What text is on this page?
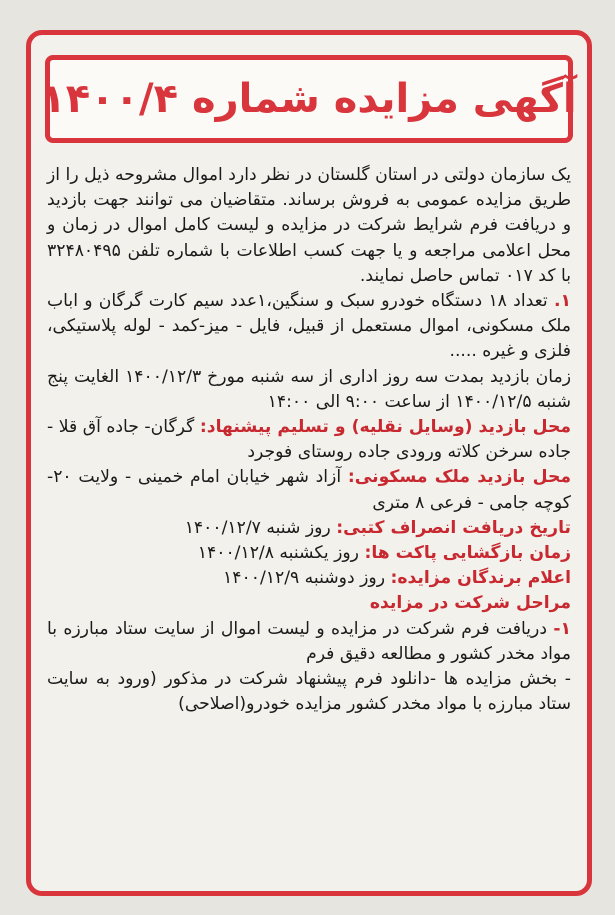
آگهی مزایده شماره ۱۴۰۰/۴

یک سازمان دولتی در استان گلستان در نظر دارد اموال مشروحه ذیل را از طریق مزایده عمومی به فروش برساند. متقاضیان می توانند جهت بازدید و دریافت فرم شرایط شرکت در مزایده و لیست کامل اموال در زمان و محل اعلامی مراجعه و یا جهت کسب اطلاعات با شماره تلفن ۳۲۴۸۰۴۹۵ با کد ۰۱۷ تماس حاصل نمایند.

۱. تعداد ۱۸ دستگاه خودرو سبک و سنگین،۱عدد سیم کارت گرگان و اباب ملک مسکونی، اموال مستعمل از قبیل، فایل - میز-کمد - لوله پلاستیکی، فلزی و غیره .....

زمان بازدید بمدت سه روز اداری از سه شنبه مورخ ۱۴۰۰/۱۲/۳ الغایت پنج شنبه ۱۴۰۰/۱۲/۵ از ساعت ۹:۰۰ الی ۱۴:۰۰

محل بازدید (وسایل نقلیه) و تسلیم پیشنهاد: گرگان- جاده آق قلا - جاده سرخن کلاته ورودی جاده روستای فوجرد

محل بازدید ملک مسکونی: آزاد شهر خیابان امام خمینی - ولایت ۲۰- کوچه جامی - فرعی ۸ متری

تاریخ دریافت انصراف کتبی: روز شنبه ۱۴۰۰/۱۲/۷

زمان بازگشایی پاکت ها: روز یکشنبه ۱۴۰۰/۱۲/۸

اعلام برندگان مزایده: روز دوشنبه ۱۴۰۰/۱۲/۹

مراحل شرکت در مزایده

۱- دریافت فرم شرکت در مزایده و لیست اموال از سایت ستاد مبارزه با مواد مخدر کشور و مطالعه دقیق فرم

- بخش مزایده ها -دانلود فرم پیشنهاد شرکت در مذکور (ورود به سایت ستاد مبارزه با مواد مخدر کشور مزایده خودرو(اصلاحی)
